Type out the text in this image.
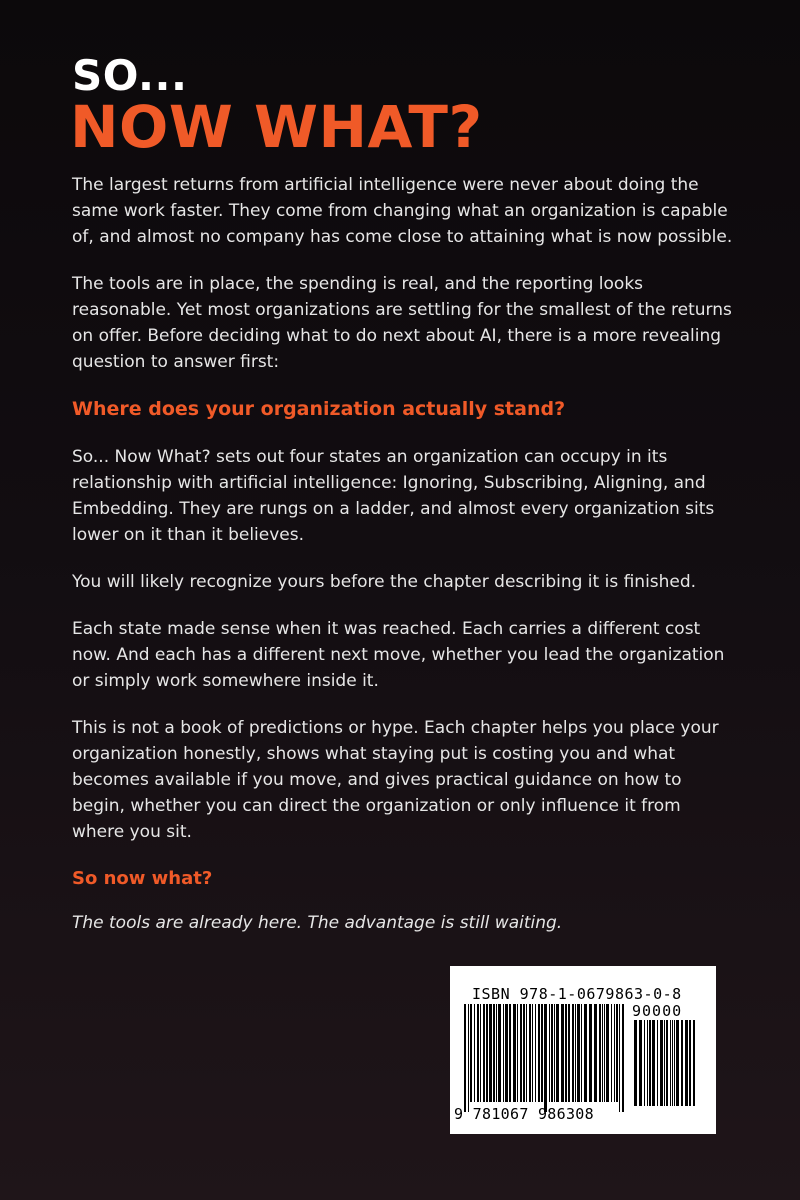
SO...
NOW WHAT?

The largest returns from artificial intelligence were never about doing the same work faster. They come from changing what an organization is capable of, and almost no company has come close to attaining what is now possible.

The tools are in place, the spending is real, and the reporting looks reasonable. Yet most organizations are settling for the smallest of the returns on offer. Before deciding what to do next about AI, there is a more revealing question to answer first:

Where does your organization actually stand?

So... Now What? sets out four states an organization can occupy in its relationship with artificial intelligence: Ignoring, Subscribing, Aligning, and Embedding. They are rungs on a ladder, and almost every organization sits lower on it than it believes.

You will likely recognize yours before the chapter describing it is finished.

Each state made sense when it was reached. Each carries a different cost now. And each has a different next move, whether you lead the organization or simply work somewhere inside it.

This is not a book of predictions or hype. Each chapter helps you place your organization honestly, shows what staying put is costing you and what becomes available if you move, and gives practical guidance on how to begin, whether you can direct the organization or only influence it from where you sit.

So now what?

The tools are already here. The advantage is still waiting.

ISBN 978-1-0679863-0-8
90000
9 781067 986308
